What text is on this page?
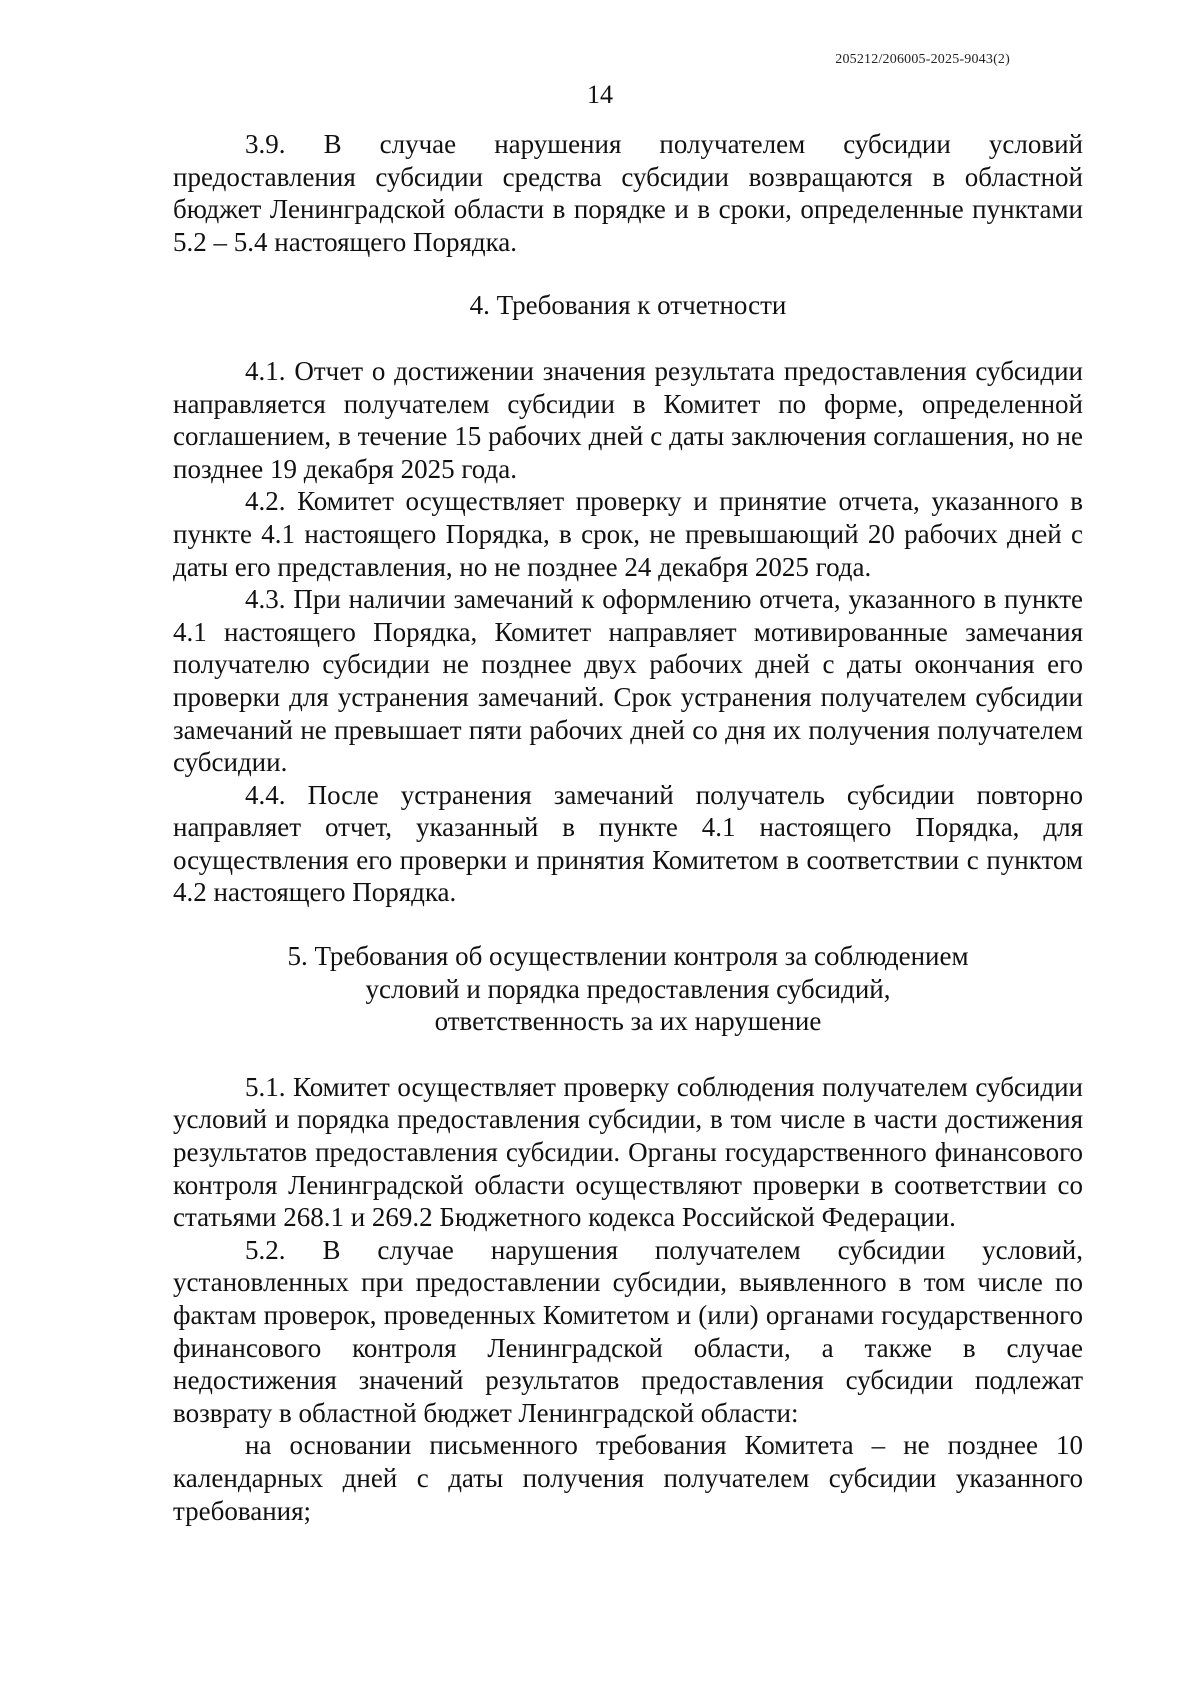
205212/206005-2025-9043(2)
14

3.9. В случае нарушения получателем субсидии условий предоставления субсидии средства субсидии возвращаются в областной бюджет Ленинградской области в порядке и в сроки, определенные пунктами 5.2 – 5.4 настоящего Порядка.

4. Требования к отчетности

4.1. Отчет о достижении значения результата предоставления субсидии направляется получателем субсидии в Комитет по форме, определенной соглашением, в течение 15 рабочих дней с даты заключения соглашения, но не позднее 19 декабря 2025 года.

4.2. Комитет осуществляет проверку и принятие отчета, указанного в пункте 4.1 настоящего Порядка, в срок, не превышающий 20 рабочих дней с даты его представления, но не позднее 24 декабря 2025 года.

4.3. При наличии замечаний к оформлению отчета, указанного в пункте 4.1 настоящего Порядка, Комитет направляет мотивированные замечания получателю субсидии не позднее двух рабочих дней с даты окончания его проверки для устранения замечаний. Срок устранения получателем субсидии замечаний не превышает пяти рабочих дней со дня их получения получателем субсидии.

4.4. После устранения замечаний получатель субсидии повторно направляет отчет, указанный в пункте 4.1 настоящего Порядка, для осуществления его проверки и принятия Комитетом в соответствии с пунктом 4.2 настоящего Порядка.

5. Требования об осуществлении контроля за соблюдением

условий и порядка предоставления субсидий,

ответственность за их нарушение

5.1. Комитет осуществляет проверку соблюдения получателем субсидии условий и порядка предоставления субсидии, в том числе в части достижения результатов предоставления субсидии. Органы государственного финансового контроля Ленинградской области осуществляют проверки в соответствии со статьями 268.1 и 269.2 Бюджетного кодекса Российской Федерации.

5.2. В случае нарушения получателем субсидии условий, установленных при предоставлении субсидии, выявленного в том числе по фактам проверок, проведенных Комитетом и (или) органами государственного финансового контроля Ленинградской области, а также в случае недостижения значений результатов предоставления субсидии подлежат возврату в областной бюджет Ленинградской области:

на основании письменного требования Комитета – не позднее 10 календарных дней с даты получения получателем субсидии указанного требования;
